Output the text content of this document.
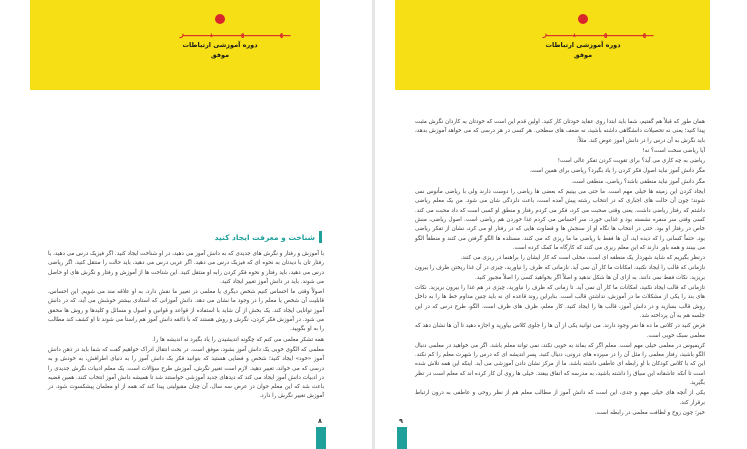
ـــهـــــــــــــــهــــــــــــیـــــــــــر
دوره آموزشی ارتباطات موفق
شناخت و معرفت ایجاد کنید

با آموزش و رفتار و نگرش های جدیدی که به دانش آموز می دهید، در او شناخت ایجاد کنید. اگر فیزیک درس می دهید، با رفتار تان با دیدتان به نحوه ای که فیزیک درس می دهید. اگر عربی درس می دهید، باید حالت را منتقل کنید. اگر ریاضی درس می دهید، باید رفتار و نحوه فکر کردن رابه او منتقل کنید. این شناخت ها از آموزش و رفتار و نگرش های او حاصل می شوند. باید در دانش آموز تغییر ایجاد کنید.

اصولاً وقتی ما احساس کنیم شخص دیگری یا معلمی در تغییر ما نقش دارد، به او علاقه مند می شویم. این احساس، قابلیت آن شخص یا معلم را در وجود ما نشان می دهد. دانش آموزانی که استادی بیشتر خوشش می آید، که در دانش آموز توانایی ایجاد کند. یک بخش از آن شاید با استفاده از قواعد و قوانین و اصول و مسائل و کلیدها و روش ها محقق می شود. در آموزش فکر کردن، نگرش و روش هستند که با ذائقه دانش آموز هم راستا می شوند تا او کشف کند مطالب را به او بگویید.

همه تشکر معلمی می کنم که چگونه اندیشیدن را یاد بگیرد نه اندیشه ها را.

معلمی که الگوی خوبی یک دانش آموز بشود، موفق است. در بحث انتقال ادراک خواهیم گفت که شما باید در ذهن دانش آموز «خود» ایجاد کنید؛ شخص و فضایی هستید که بتوانید فکر یک دانش آموز را به دنیای اطرافش، به خودش و به درسی که می خواند، تغییر دهید. لازم است تغییر نگرش، آموزش طرح سؤالات است. یک معلم ادبیات نگرش جدیدی را در ادبیات دانش آموز ایجاد می کند که دیدهای جدید آموزشی خواستند شد تا همیشه دانش آموز انتخاب کنند. همین قضیه باعث شد که این معلم جوان در عرض سه سال، آن چنان مقبولیتی پیدا کند که همه از او معلمان پیشکسوت شود. در آموزش تغییر نگرش را دارد.

۸
ـــهـــــــــــــــهــــــــــــیـــــــــــر
دوره آموزشی ارتباطات موفق

همان طور که قبلاً هم گفتیم، شما باید ابتدا روی عقاید خودتان کار کنید. اولین قدم این است که خودتان به کاردان نگرش مثبت پیدا کنید؛ یعنی نه تحصیلات دانشگاهی داشته باشید، نه ضعف های سطحی. هر کسی در هر درسی که می خواهد آموزش بدهد، باید نگرش به آن درس را در دانش آموز عوض کند. مثلاً:

آیا ریاضی سخت است؟ نه!

ریاضی به چه کاری می آید؟ برای تقویت کردن تفکر عالی است!

مگر دانش آموز نباید اصول فکر کردن را یاد بگیرد؟ ریاضی برای همین است.

مگر دانش آموز نباید منطقی باشد؟ ریاضی، منطقی است.

ایجاد کردن این زمینه ها خیلی مهم است. ما حتی می بینیم که بعضی ها ریاضی را دوست دارند ولی با ریاضی مأنوس نمی شوند؛ چون آن حالت های اجباری که در انتخاب رشته پیش آمده است، باعث دلزدگی شان می شود. من یک معلم ریاضی داشتم که رفتار ریاضی داشت. یعنی وقتی صحبت می کرد، فکر می کردم رفتار و منطق او کسی است که داد محبت می کند. کسی وقتی سر سفره نشسته بود و غذایی خورد، سر احساس می کردم غذا خوردن هم ریاضی است. اصول ریاضی، منش خاص در رفتار او بود. حتی در انتخاب ها نگاه او از سنجش ها و قضاوت هایی که در رفتار او می کرد، نشان از تفکر ریاضی بود. حتماً کسانی را که دیده اید، آن ها فقط با ریاضی ما ما ریزی که می کنند. مستلده ها الگو گرفتن می کنند و منطقاً الگو می بینند و همه باور دارند که این معلم ریزی می کنند که کارگاه ما کمک کرده است.

درنظر بگیریم که شاید شهردار یک منطقه ای است، محلی است که کار ایشان را براهنما در ریزی می کنند.

نازمانی که قالب را ایجاد نکنید، امکانات ما کار آن نمی آید. نازمانی که ظرف را نیاورید، چیزی در آن غذا ریختن ظرف را بیرون بریزید. نکات فقط نمی دانند. به ازای آن ها شکل ندهید و اصلاً اگر بخواهید کسی را اصلاً مجبور کنید.

تازمانی که قالب ایجاد نکنید، امکانات ما کار آن نمی آید. تا زمانی که ظرف را نیاورید، چیزی در هم غذا را بیرون بریزید. نکات های بند را یکی از مشکلات ما در آموزش، نداشتن قالب است. بنابراین روند قاعده ای نه باید چنین مداوم خط ها را به داخل روش قالب بسازید و در دانش آموز، قالب ها را ایجاد کنید. کار معلم، ظرف های ظرف است. الگو، طرح درس که در این جلسه هم به آن پرداخته شد.

فرض کنید در کلاس ما ده ها نفر وجود دارند. می توانید یکی از آن ها را جلوی کلاس بیاورید و اجازه دهید تا آن ها نشان دهد که معلمی سبک خوبی است.

کریمیوس در معلمی خیلی مهم است. معلم اگر که بماند به خوبی نکند، نمی تواند معلم باشد. اگر می خواهید در معلمی دنبال الگو باشید، رفتار معلمی را مثل آن را در سپرده های درونی، دنبال کنید. پسر اندیشه ای که درس را شهرت معلم را کم نکند. این که با کلاس کودکان با او رابطه ای عاطفی داشته باشد. ما از مرکز نشان دادن آموزشی می آید. اینکه این همه تلاش شده است تا آنکه عاشقانه این سیاق را داشته باشید، به مدرسه که اتفاق بیفتد. خیلی ها روی آن کار کرده اند که معلم است در نظر بگیرید.

یکی از آنچه های خیلی مهم و جدی، این است که دانش آموز از مطالب معلم هم از نظر روحی و عاطفی به درون ارتباط برقرار کند.

خیر؛ چون روح و لطافت معلمی در رابطه است.

۹
